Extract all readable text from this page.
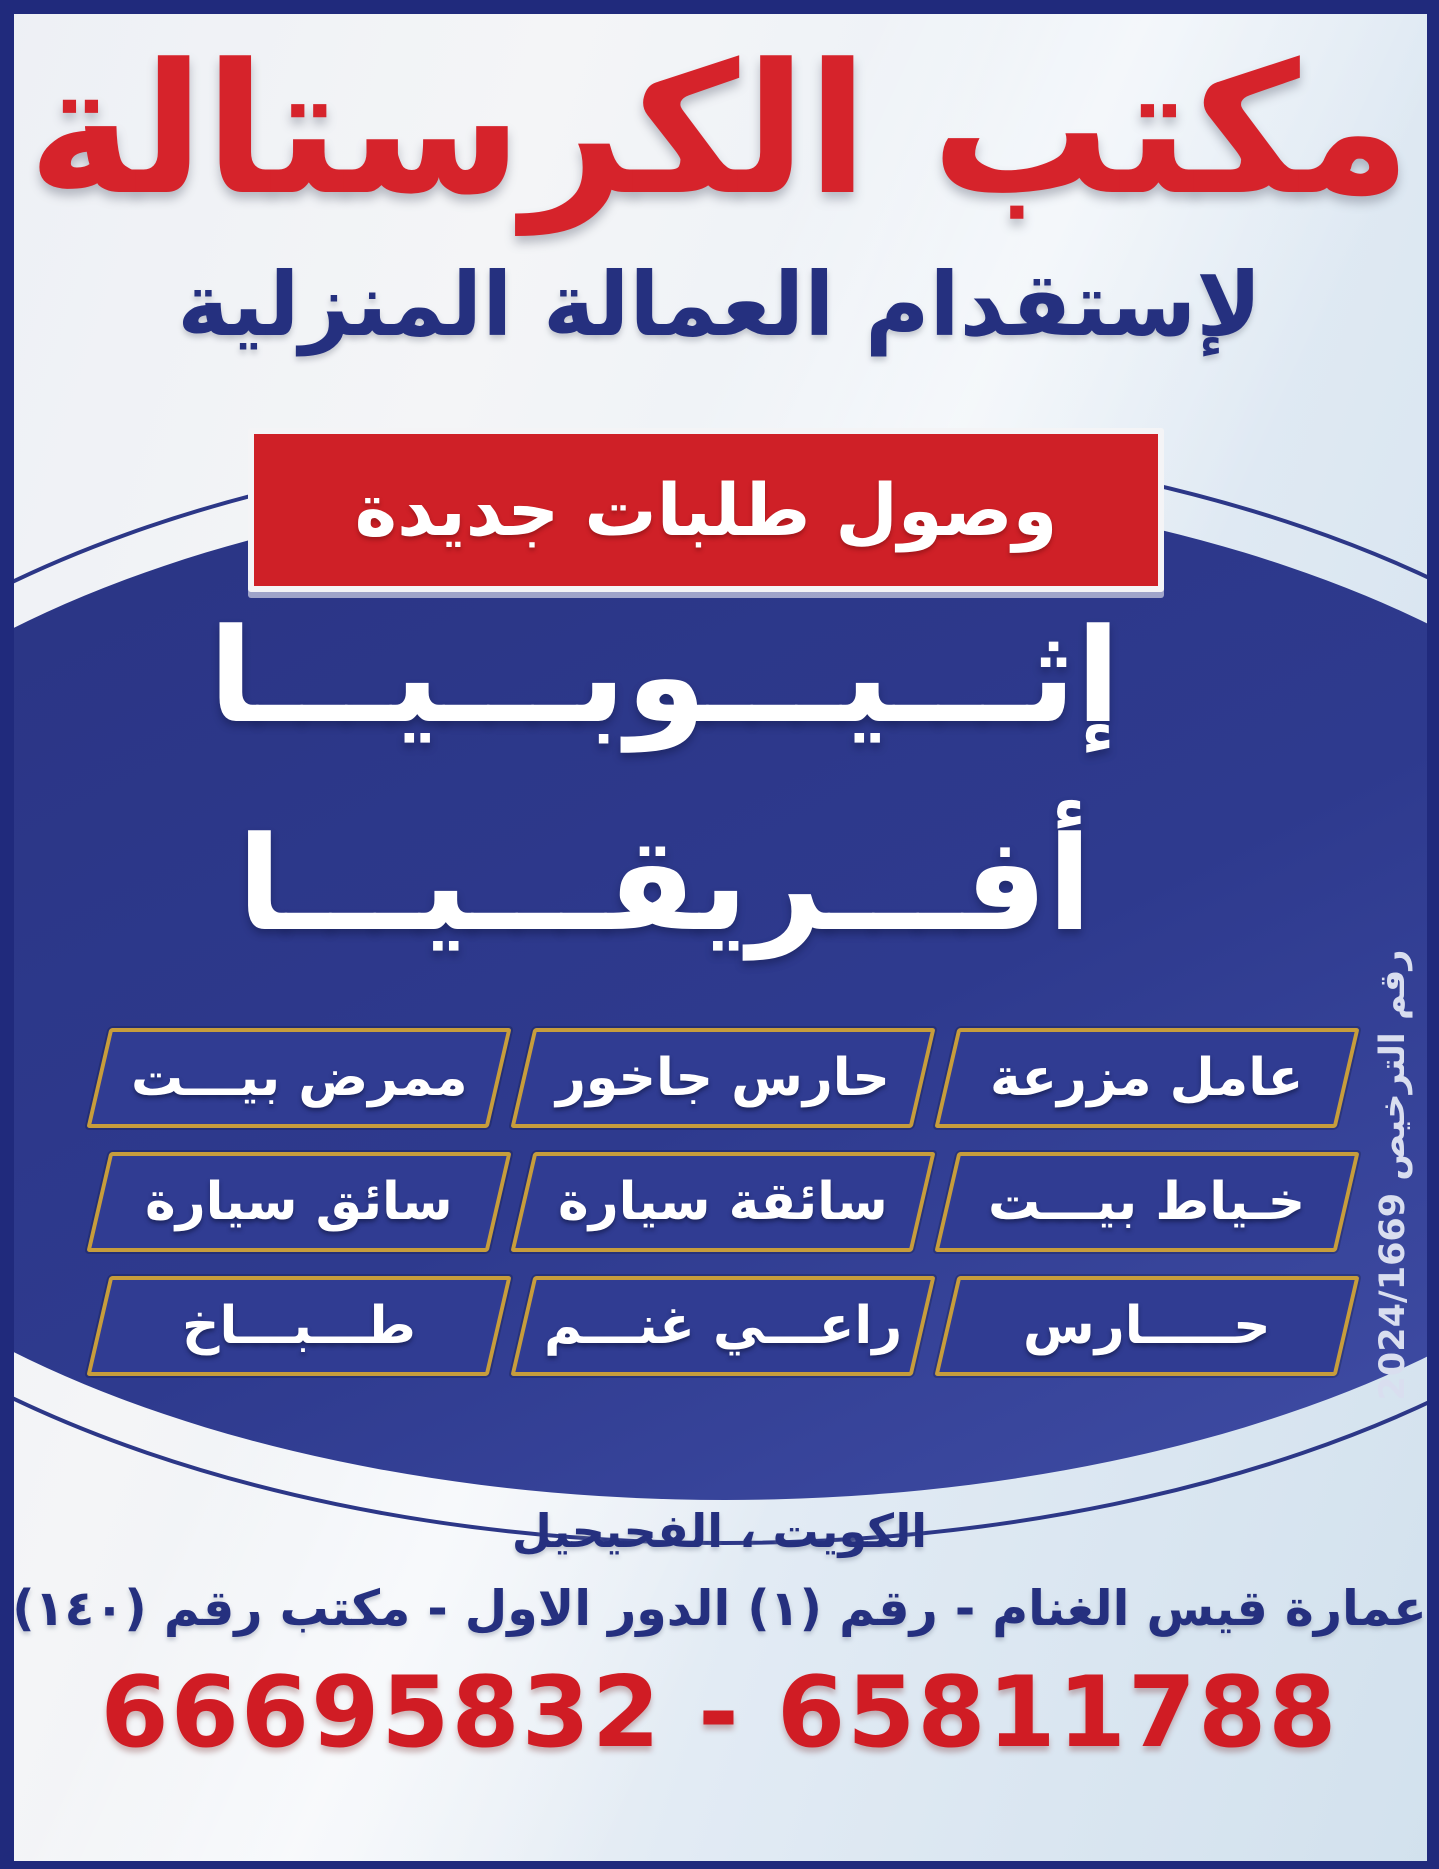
مكتب الكرستالة
لإستقدام العمالة المنزلية
وصول طلبات جديدة
إثـــيـــوبـــيـــا
أفـــريقـــيـــا
عامل مزرعة
حارس جاخور
ممرض بيـــت
خـياط بيـــت
سائقة سيارة
سائق سيارة
حـــــارس
راعـــي غنـــم
طـــبـــاخ	رقم الترخيص 2024/1669
الكويت ، الفحيحيل
عمارة قيس الغنام - رقم (١) الدور الاول - مكتب رقم (١٤٠)
66695832 - 65811788
